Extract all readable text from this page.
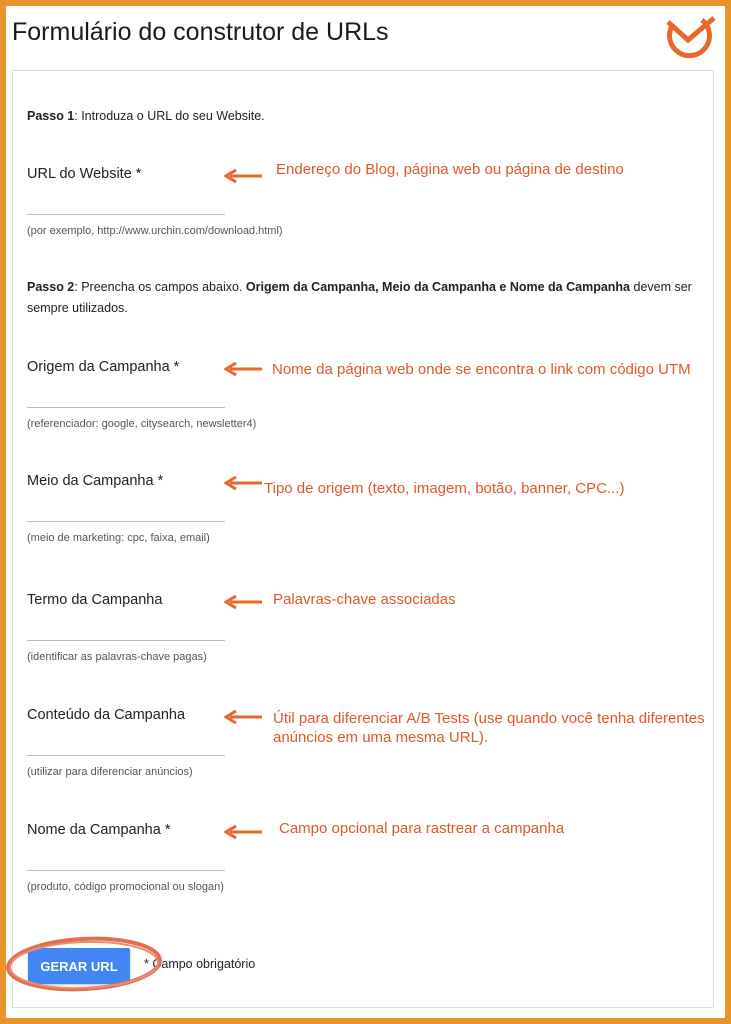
Formulário do construtor de URLs
Passo 1: Introduza o URL do seu Website.
Passo 2: Preencha os campos abaixo. Origem da Campanha, Meio da Campanha e Nome da Campanha devem ser sempre utilizados.
URL do Website *
(por exemplo, http://www.urchin.com/download.html)
Endereço do Blog, página web ou página de destino
Origem da Campanha *
(referenciador: google, citysearch, newsletter4)
Nome da página web onde se encontra o link com código UTM
Meio da Campanha *
(meio de marketing: cpc, faixa, email)
Tipo de origem (texto, imagem, botão, banner, CPC...)
Termo da Campanha
(identificar as palavras-chave pagas)
Palavras-chave associadas
Conteúdo da Campanha
(utilizar para diferenciar anúncios)
Útil para diferenciar A/B Tests (use quando você tenha diferentes anúncios em uma mesma URL).
Nome da Campanha *
(produto, código promocional ou slogan)
Campo opcional para rastrear a campanha
GERAR URL	* Campo obrigatório
